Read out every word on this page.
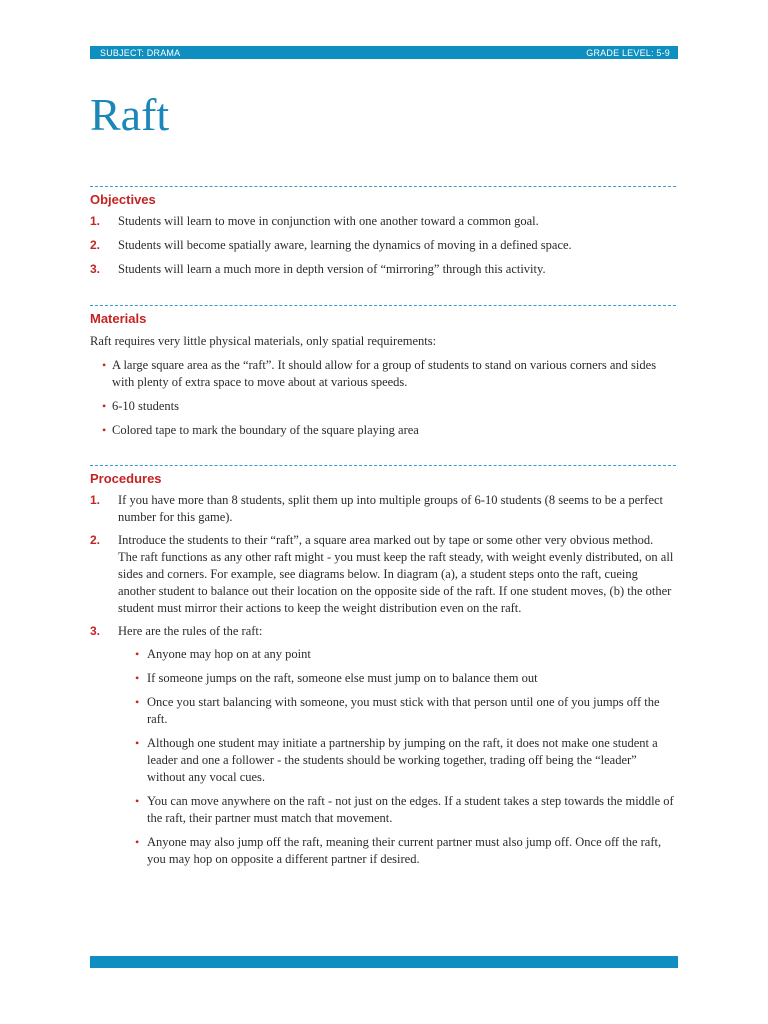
SUBJECT: DRAMA	GRADE LEVEL: 5-9
Raft
Objectives
1. Students will learn to move in conjunction with one another toward a common goal.
2. Students will become spatially aware, learning the dynamics of moving in a defined space.
3. Students will learn a much more in depth version of “mirroring” through this activity.
Materials

Raft requires very little physical materials, only spatial requirements:

• A large square area as the “raft”. It should allow for a group of students to stand on various corners and sides with plenty of extra space to move about at various speeds.
• 6-10 students
• Colored tape to mark the boundary of the square playing area
Procedures
1. If you have more than 8 students, split them up into multiple groups of 6-10 students (8 seems to be a perfect number for this game).
2. Introduce the students to their “raft”, a square area marked out by tape or some other very obvious method. The raft functions as any other raft might - you must keep the raft steady, with weight evenly distributed, on all sides and corners. For example, see diagrams below. In diagram (a), a student steps onto the raft, cueing another student to balance out their location on the opposite side of the raft. If one student moves, (b) the other student must mirror their actions to keep the weight distribution even on the raft.
3. Here are the rules of the raft:
• Anyone may hop on at any point
• If someone jumps on the raft, someone else must jump on to balance them out
• Once you start balancing with someone, you must stick with that person until one of you jumps off the raft.
• Although one student may initiate a partnership by jumping on the raft, it does not make one student a leader and one a follower - the students should be working together, trading off being the “leader” without any vocal cues.
• You can move anywhere on the raft - not just on the edges. If a student takes a step towards the middle of the raft, their partner must match that movement.
• Anyone may also jump off the raft, meaning their current partner must also jump off. Once off the raft, you may hop on opposite a different partner if desired.
